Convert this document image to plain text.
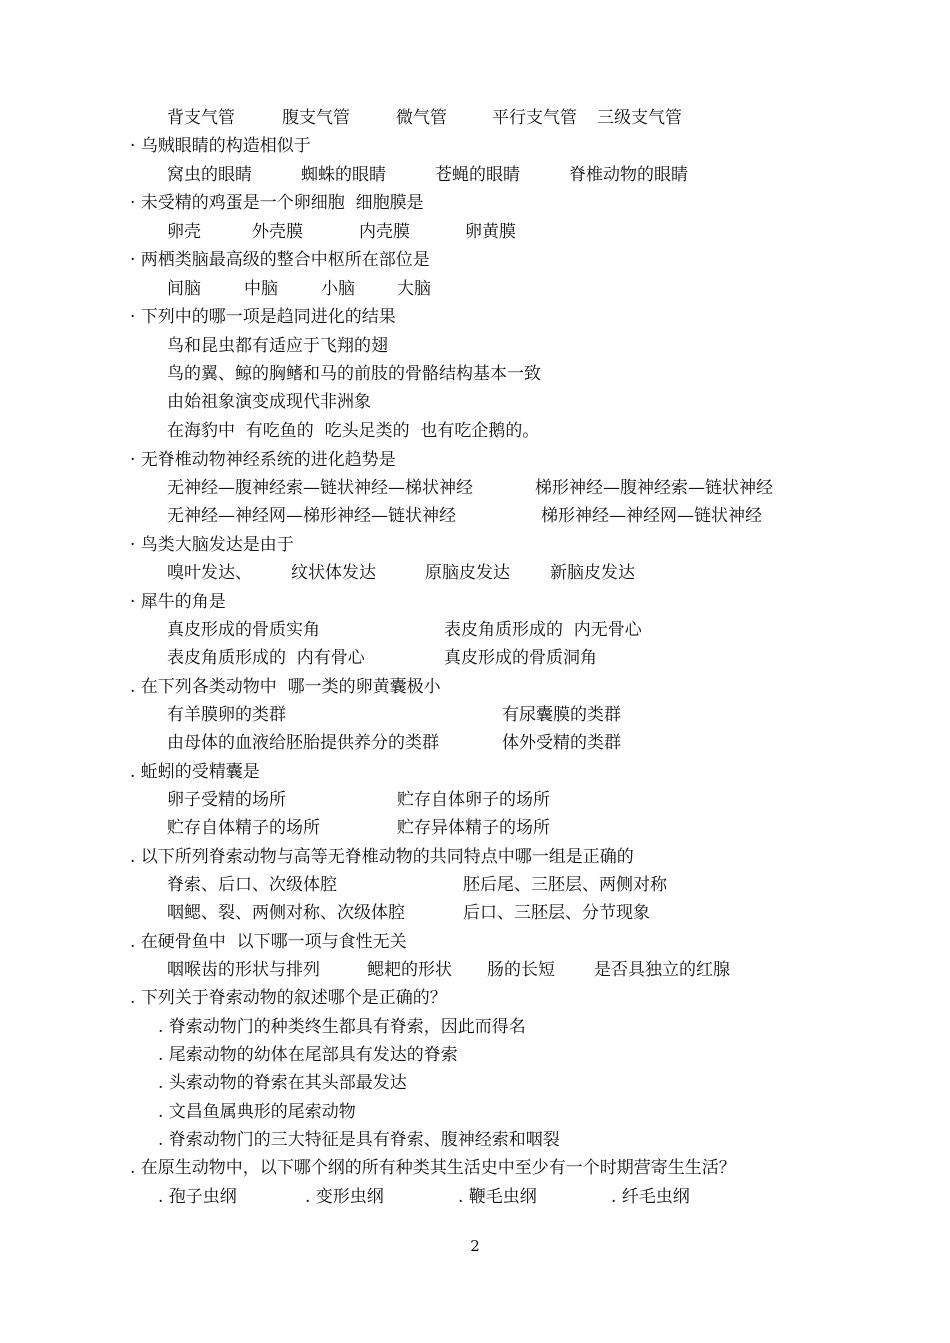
背支气管	腹支气管	微气管	平行支气管 三级支气管
· 乌贼眼睛的构造相似于
窝虫的眼睛	蜘蛛的眼睛	苍蝇的眼睛	脊椎动物的眼睛
· 未受精的鸡蛋是一个卵细胞  细胞膜是
卵壳	外壳膜	内壳膜	卵黄膜
· 两栖类脑最高级的整合中枢所在部位是
间脑	中脑	小脑 大脑
· 下列中的哪一项是趋同进化的结果
鸟和昆虫都有适应于飞翔的翅
鸟的翼、鲸的胸鳍和马的前肢的骨骼结构基本一致
由始祖象演变成现代非洲象
在海豹中  有吃鱼的  吃头足类的  也有吃企鹅的。
· 无脊椎动物神经系统的进化趋势是
无神经—腹神经索—链状神经—梯状神经	梯形神经—腹神经索—链状神经
无神经—神经网—梯形神经—链状神经	梯形神经—神经网—链状神经
· 鸟类大脑发达是由于
嗅叶发达、 纹状体发达	原脑皮发达 新脑皮发达
· 犀牛的角是
真皮形成的骨质实角	表皮角质形成的  内无骨心
表皮角质形成的  内有骨心	真皮形成的骨质洞角
. 在下列各类动物中  哪一类的卵黄囊极小
有羊膜卵的类群	有尿囊膜的类群
由母体的血液给胚胎提供养分的类群	体外受精的类群
. 蚯蚓的受精囊是
卵子受精的场所	贮存自体卵子的场所
贮存自体精子的场所	贮存异体精子的场所
. 以下所列脊索动物与高等无脊椎动物的共同特点中哪一组是正确的
脊索、后口、次级体腔	胚后尾、三胚层、两侧对称
咽鳃、裂、两侧对称、次级体腔	后口、三胚层、分节现象
. 在硬骨鱼中  以下哪一项与食性无关
咽喉齿的形状与排列	鳃耙的形状 肠的长短 是否具独立的红腺
. 下列关于脊索动物的叙述哪个是正确的？
. 脊索动物门的种类终生都具有脊索，因此而得名
. 尾索动物的幼体在尾部具有发达的脊索
. 头索动物的脊索在其头部最发达
. 文昌鱼属典形的尾索动物
. 脊索动物门的三大特征是具有脊索、腹神经索和咽裂
. 在原生动物中，以下哪个纲的所有种类其生活史中至少有一个时期营寄生生活？
. 孢子虫纲	. 变形虫纲	. 鞭毛虫纲	. 纤毛虫纲
2
